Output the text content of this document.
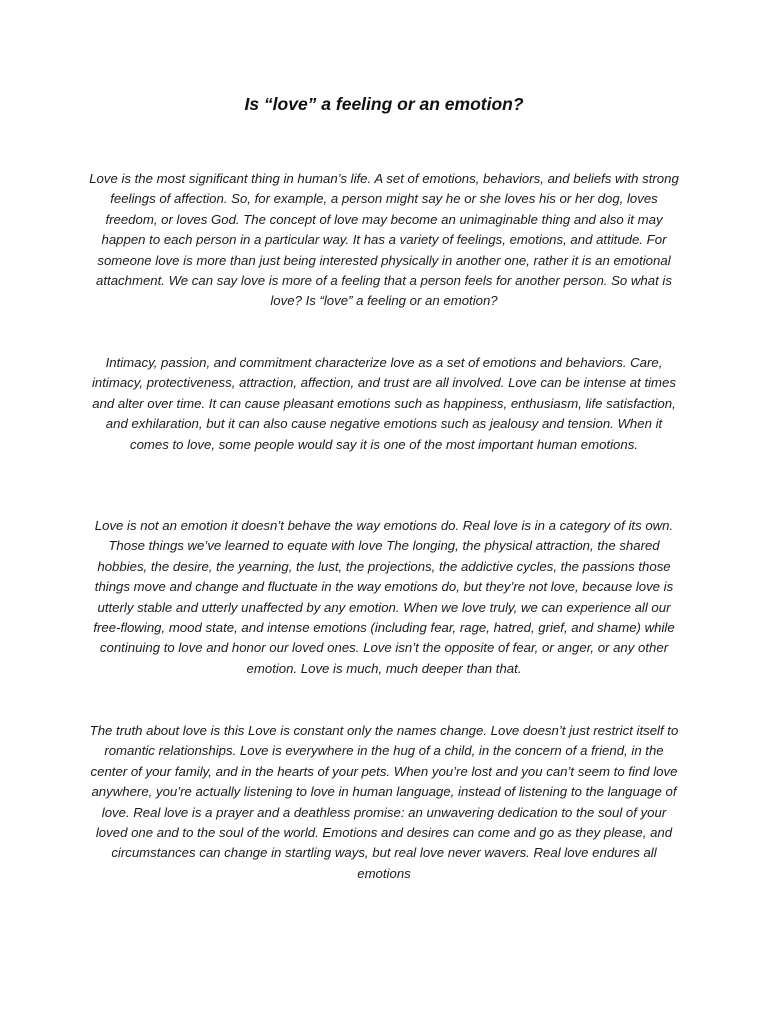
Is “love” a feeling or an emotion?

Love is the most significant thing in human’s life. A set of emotions, behaviors, and beliefs with strong feelings of affection. So, for example, a person might say he or she loves his or her dog, loves freedom, or loves God. The concept of love may become an unimaginable thing and also it may happen to each person in a particular way. It has a variety of feelings, emotions, and attitude. For someone love is more than just being interested physically in another one, rather it is an emotional attachment. We can say love is more of a feeling that a person feels for another person. So what is love? Is “love” a feeling or an emotion?

Intimacy, passion, and commitment characterize love as a set of emotions and behaviors. Care, intimacy, protectiveness, attraction, affection, and trust are all involved. Love can be intense at times and alter over time. It can cause pleasant emotions such as happiness, enthusiasm, life satisfaction, and exhilaration, but it can also cause negative emotions such as jealousy and tension. When it comes to love, some people would say it is one of the most important human emotions.

Love is not an emotion it doesn’t behave the way emotions do. Real love is in a category of its own. Those things we’ve learned to equate with love The longing, the physical attraction, the shared hobbies, the desire, the yearning, the lust, the projections, the addictive cycles, the passions those things move and change and fluctuate in the way emotions do, but they’re not love, because love is utterly stable and utterly unaffected by any emotion. When we love truly, we can experience all our free-flowing, mood state, and intense emotions (including fear, rage, hatred, grief, and shame) while continuing to love and honor our loved ones. Love isn’t the opposite of fear, or anger, or any other emotion. Love is much, much deeper than that.

The truth about love is this Love is constant only the names change. Love doesn’t just restrict itself to romantic relationships. Love is everywhere in the hug of a child, in the concern of a friend, in the center of your family, and in the hearts of your pets. When you’re lost and you can’t seem to find love anywhere, you’re actually listening to love in human language, instead of listening to the language of love. Real love is a prayer and a deathless promise: an unwavering dedication to the soul of your loved one and to the soul of the world. Emotions and desires can come and go as they please, and circumstances can change in startling ways, but real love never wavers. Real love endures all emotions
